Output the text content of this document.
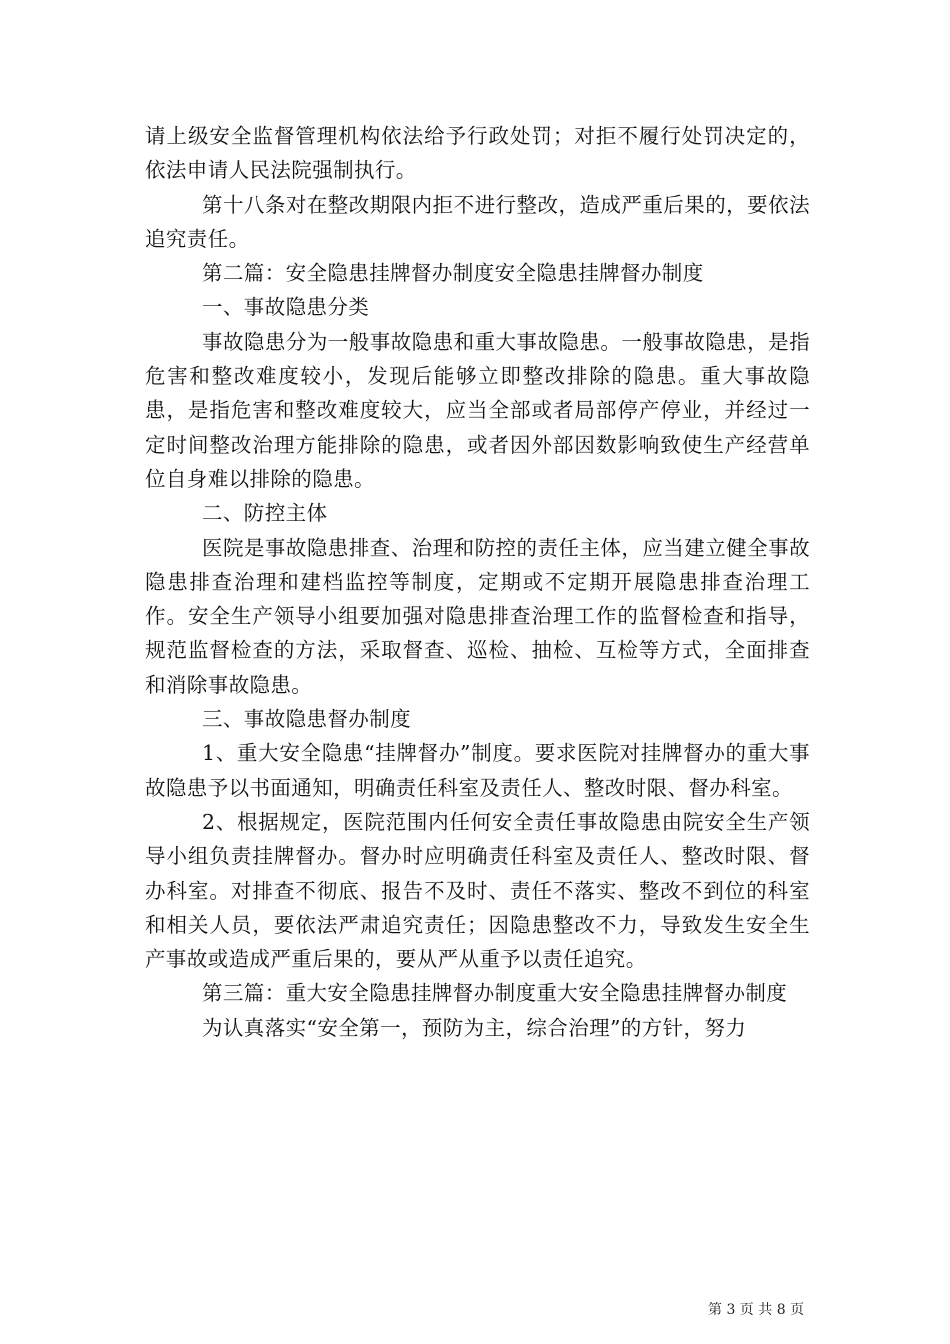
请上级安全监督管理机构依法给予行政处罚；对拒不履行处罚决定的，依法申请人民法院强制执行。

第十八条对在整改期限内拒不进行整改，造成严重后果的，要依法追究责任。

第二篇：安全隐患挂牌督办制度安全隐患挂牌督办制度

一、事故隐患分类

事故隐患分为一般事故隐患和重大事故隐患。一般事故隐患，是指危害和整改难度较小，发现后能够立即整改排除的隐患。重大事故隐患，是指危害和整改难度较大，应当全部或者局部停产停业，并经过一定时间整改治理方能排除的隐患，或者因外部因数影响致使生产经营单位自身难以排除的隐患。

二、防控主体

医院是事故隐患排查、治理和防控的责任主体，应当建立健全事故隐患排查治理和建档监控等制度，定期或不定期开展隐患排查治理工作。安全生产领导小组要加强对隐患排查治理工作的监督检查和指导，规范监督检查的方法，采取督查、巡检、抽检、互检等方式，全面排查和消除事故隐患。

三、事故隐患督办制度

1、重大安全隐患“挂牌督办”制度。要求医院对挂牌督办的重大事故隐患予以书面通知，明确责任科室及责任人、整改时限、督办科室。

2、根据规定，医院范围内任何安全责任事故隐患由院安全生产领导小组负责挂牌督办。督办时应明确责任科室及责任人、整改时限、督办科室。对排查不彻底、报告不及时、责任不落实、整改不到位的科室和相关人员，要依法严肃追究责任；因隐患整改不力，导致发生安全生产事故或造成严重后果的，要从严从重予以责任追究。

第三篇：重大安全隐患挂牌督办制度重大安全隐患挂牌督办制度

为认真落实“安全第一，预防为主，综合治理”的方针，努力

第 3 页 共 8 页
